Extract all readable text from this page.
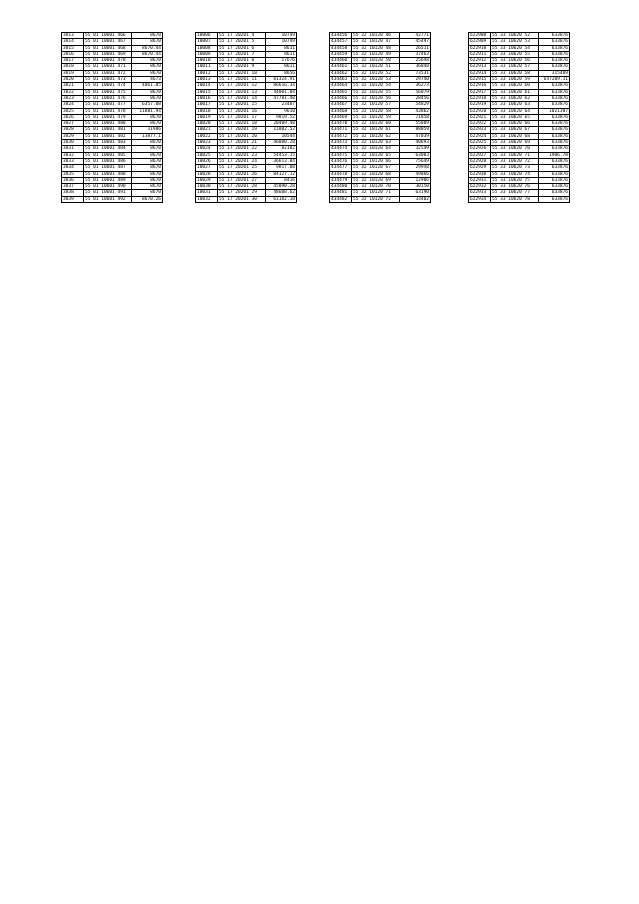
3813	55 01 10601 466	8670
3814	55 01 10601 467	8670
3815	55 01 10601 468	8670.44
3816	55 01 10601 469	8670.44
3817	55 01 10601 470	8670
3818	55 01 10601 471	8670
3819	55 01 10601 472	8670
3820	55 01 10601 473	4673
3821	55 01 10601 474	4061.05
3822	55 01 10601 475	8670
3823	55 01 10601 476	8670
3824	55 01 10601 477	6357.08
3825	55 01 10601 478	11881.94
3826	55 01 10601 479	8670
3827	55 01 10601 480	8670
3828	55 01 10601 481	11986
3829	55 01 10601 482	13877.1
3830	55 01 10601 483	8670
3831	55 01 10601 484	8670
3832	55 01 10601 485	8670
3833	55 01 10601 486	8670
3834	55 01 10601 487	8670
3835	55 01 10601 488	8670
3836	55 01 10601 489	8670
3837	55 01 10601 490	8670
3838	55 01 10601 491	8670
3839	55 01 10601 492	8670.26
10006	55 17 20201 4	10749
10007	55 17 20201 5	10749
10008	55 17 20201 6	8611
10009	55 17 20201 7	8611
10010	55 17 20201 8	17676
10011	55 17 20201 9	8611
10012	55 17 20201 10	8656
10013	55 17 20201 11	81324.91
10014	55 17 20201 12	86616.34
10015	55 17 20201 13	44001.04
10016	55 17 20201 14	47781.48
10017	55 17 20201 15	23407
10018	55 17 20201 16	9610
10019	55 17 20201 17	9019.52
10020	55 17 20201 18	20409.48
10021	55 17 20201 19	11802.52
10022	55 17 20201 20	10544
10023	55 17 20201 21	46080.28
10024	55 17 20201 22	82102
10025	55 17 20201 23	54453.15
10026	55 17 20201 24	36613.04
10027	55 17 20201 25	9817.88
10028	55 17 20201 26	84127.12
10029	55 17 20201 27	8416
10030	55 17 20201 28	45090.28
10031	55 17 20201 29	48608.62
10032	55 17 20201 30	61182.18
434456	55 32 10120 46	42771
434457	55 32 10120 47	45497
434458	55 32 10120 48	26511
434459	55 32 10120 49	37463
434460	55 32 10120 50	25648
434461	55 32 10120 51	36048
434462	55 32 10120 52	73531
434463	55 32 10120 53	29740
434464	55 32 10120 54	36273
434465	55 32 10120 55	56079
434466	55 32 10120 56	28456
434467	55 32 10120 57	54829
434468	55 32 10120 58	43862
434469	55 32 10120 59	71858
434470	55 32 10120 60	55889
434471	55 32 10120 61	88059
434472	55 32 10120 62	47039
434473	55 32 10120 63	40693
434474	55 32 10120 64	32549
434475	55 32 10120 65	63003
434476	55 32 10120 66	75649
434477	55 32 10120 67	29948
434478	55 32 10120 68	49066
434479	55 32 10120 69	12906
434480	55 32 10120 70	30150
434481	55 32 10120 71	63190
434482	55 32 10120 72	33402
622908	55 33 10620 52	633876
622909	55 33 10620 53	633876
622910	55 33 10620 54	633876
622911	55 33 10620 55	633876
622912	55 33 10620 56	633876
622913	55 33 10620 57	633876
622914	55 33 10620 58	315409
622915	55 33 10620 59	647209.11
622916	55 33 10620 60	633876
622917	55 33 10620 61	633876
622918	55 33 10620 62	633876
622919	55 33 10620 63	633876
622920	55 33 10620 64	1021307
622921	55 33 10620 65	633876
622922	55 33 10620 66	633876
622923	55 33 10620 67	633876
622924	55 33 10620 68	633876
622925	55 33 10620 69	633876
622926	55 33 10620 70	633876
622927	55 33 10620 71	1906.78
622928	55 33 10620 72	633876
622929	55 33 10620 73	633876
622930	55 33 10620 74	633876
622931	55 33 10620 75	633876
622932	55 33 10620 76	633876
622933	55 33 10620 77	633876
622934	55 33 10620 78	633876
